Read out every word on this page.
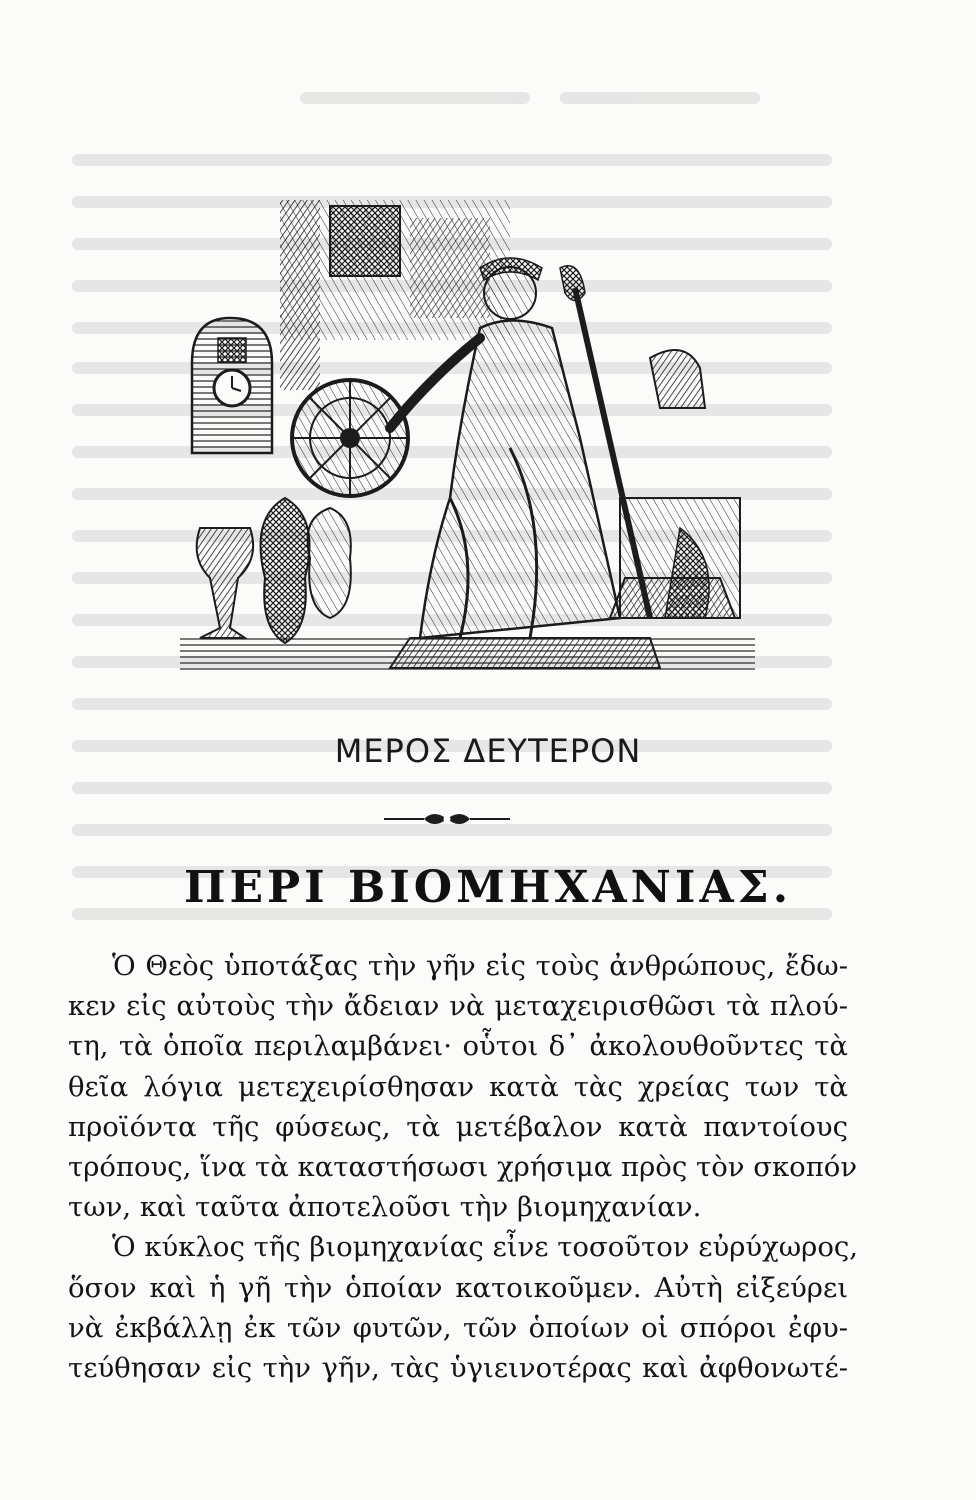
ΜΕΡΟΣ ΔΕΥΤΕΡΟΝ
ΠΕΡΙ ΒΙΟΜΗΧΑΝΙΑΣ.
Ὁ Θεὸς ὑποτάξας τὴν γῆν εἰς τοὺς ἀνθρώπους, ἔδω-
κεν εἰς αὐτοὺς τὴν ἄδειαν νὰ μεταχειρισθῶσι τὰ πλού-
τη, τὰ ὁποῖα περιλαμβάνει· οὗτοι δ᾽ ἀκολουθοῦντες τὰ
θεῖα λόγια μετεχειρίσθησαν κατὰ τὰς χρείας των τὰ
προϊόντα τῆς φύσεως, τὰ μετέβαλον κατὰ παντοίους
τρόπους, ἵνα τὰ καταστήσωσι χρήσιμα πρὸς τὸν σκοπόν
των, καὶ ταῦτα ἀποτελοῦσι τὴν βιομηχανίαν.
Ὁ κύκλος τῆς βιομηχανίας εἶνε τοσοῦτον εὐρύχωρος,
ὅσον καὶ ἡ γῆ τὴν ὁποίαν κατοικοῦμεν. Αὐτὴ εἰξεύρει
νὰ ἐκβάλλῃ ἐκ τῶν φυτῶν, τῶν ὁποίων οἱ σπόροι ἐφυ-
τεύθησαν εἰς τὴν γῆν, τὰς ὑγιεινοτέρας καὶ ἀφθονωτέ-
